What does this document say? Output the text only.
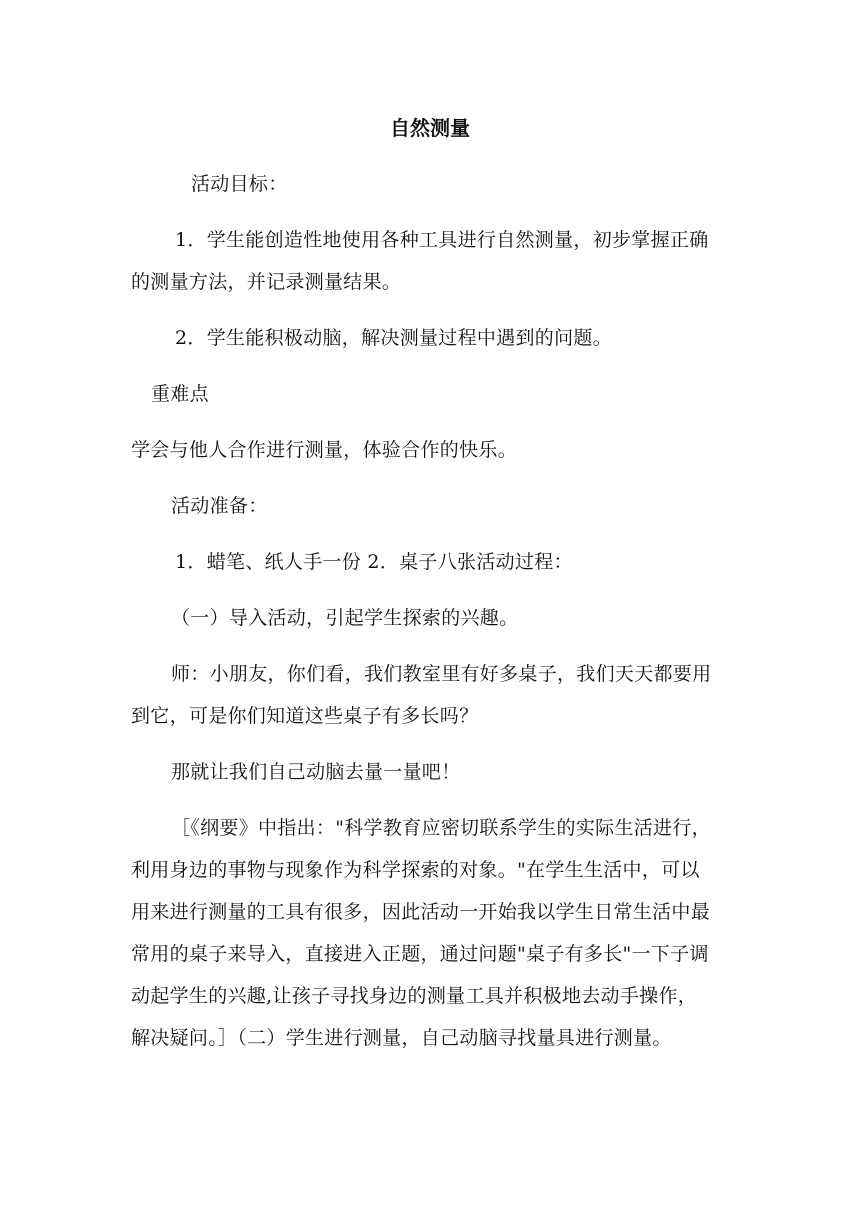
自然测量
活动目标：
1．学生能创造性地使用各种工具进行自然测量，初步掌握正确
的测量方法，并记录测量结果。
2．学生能积极动脑，解决测量过程中遇到的问题。
重难点
学会与他人合作进行测量，体验合作的快乐。
活动准备：
1．蜡笔、纸人手一份 2．桌子八张活动过程：
（一）导入活动，引起学生探索的兴趣。
师：小朋友，你们看，我们教室里有好多桌子，我们天天都要用
到它，可是你们知道这些桌子有多长吗？
那就让我们自己动脑去量一量吧！
［《纲要》中指出："科学教育应密切联系学生的实际生活进行，
利用身边的事物与现象作为科学探索的对象。"在学生生活中，可以
用来进行测量的工具有很多，因此活动一开始我以学生日常生活中最
常用的桌子来导入，直接进入正题，通过问题"桌子有多长"一下子调
动起学生的兴趣,让孩子寻找身边的测量工具并积极地去动手操作，
解决疑问。］（二）学生进行测量，自己动脑寻找量具进行测量。
